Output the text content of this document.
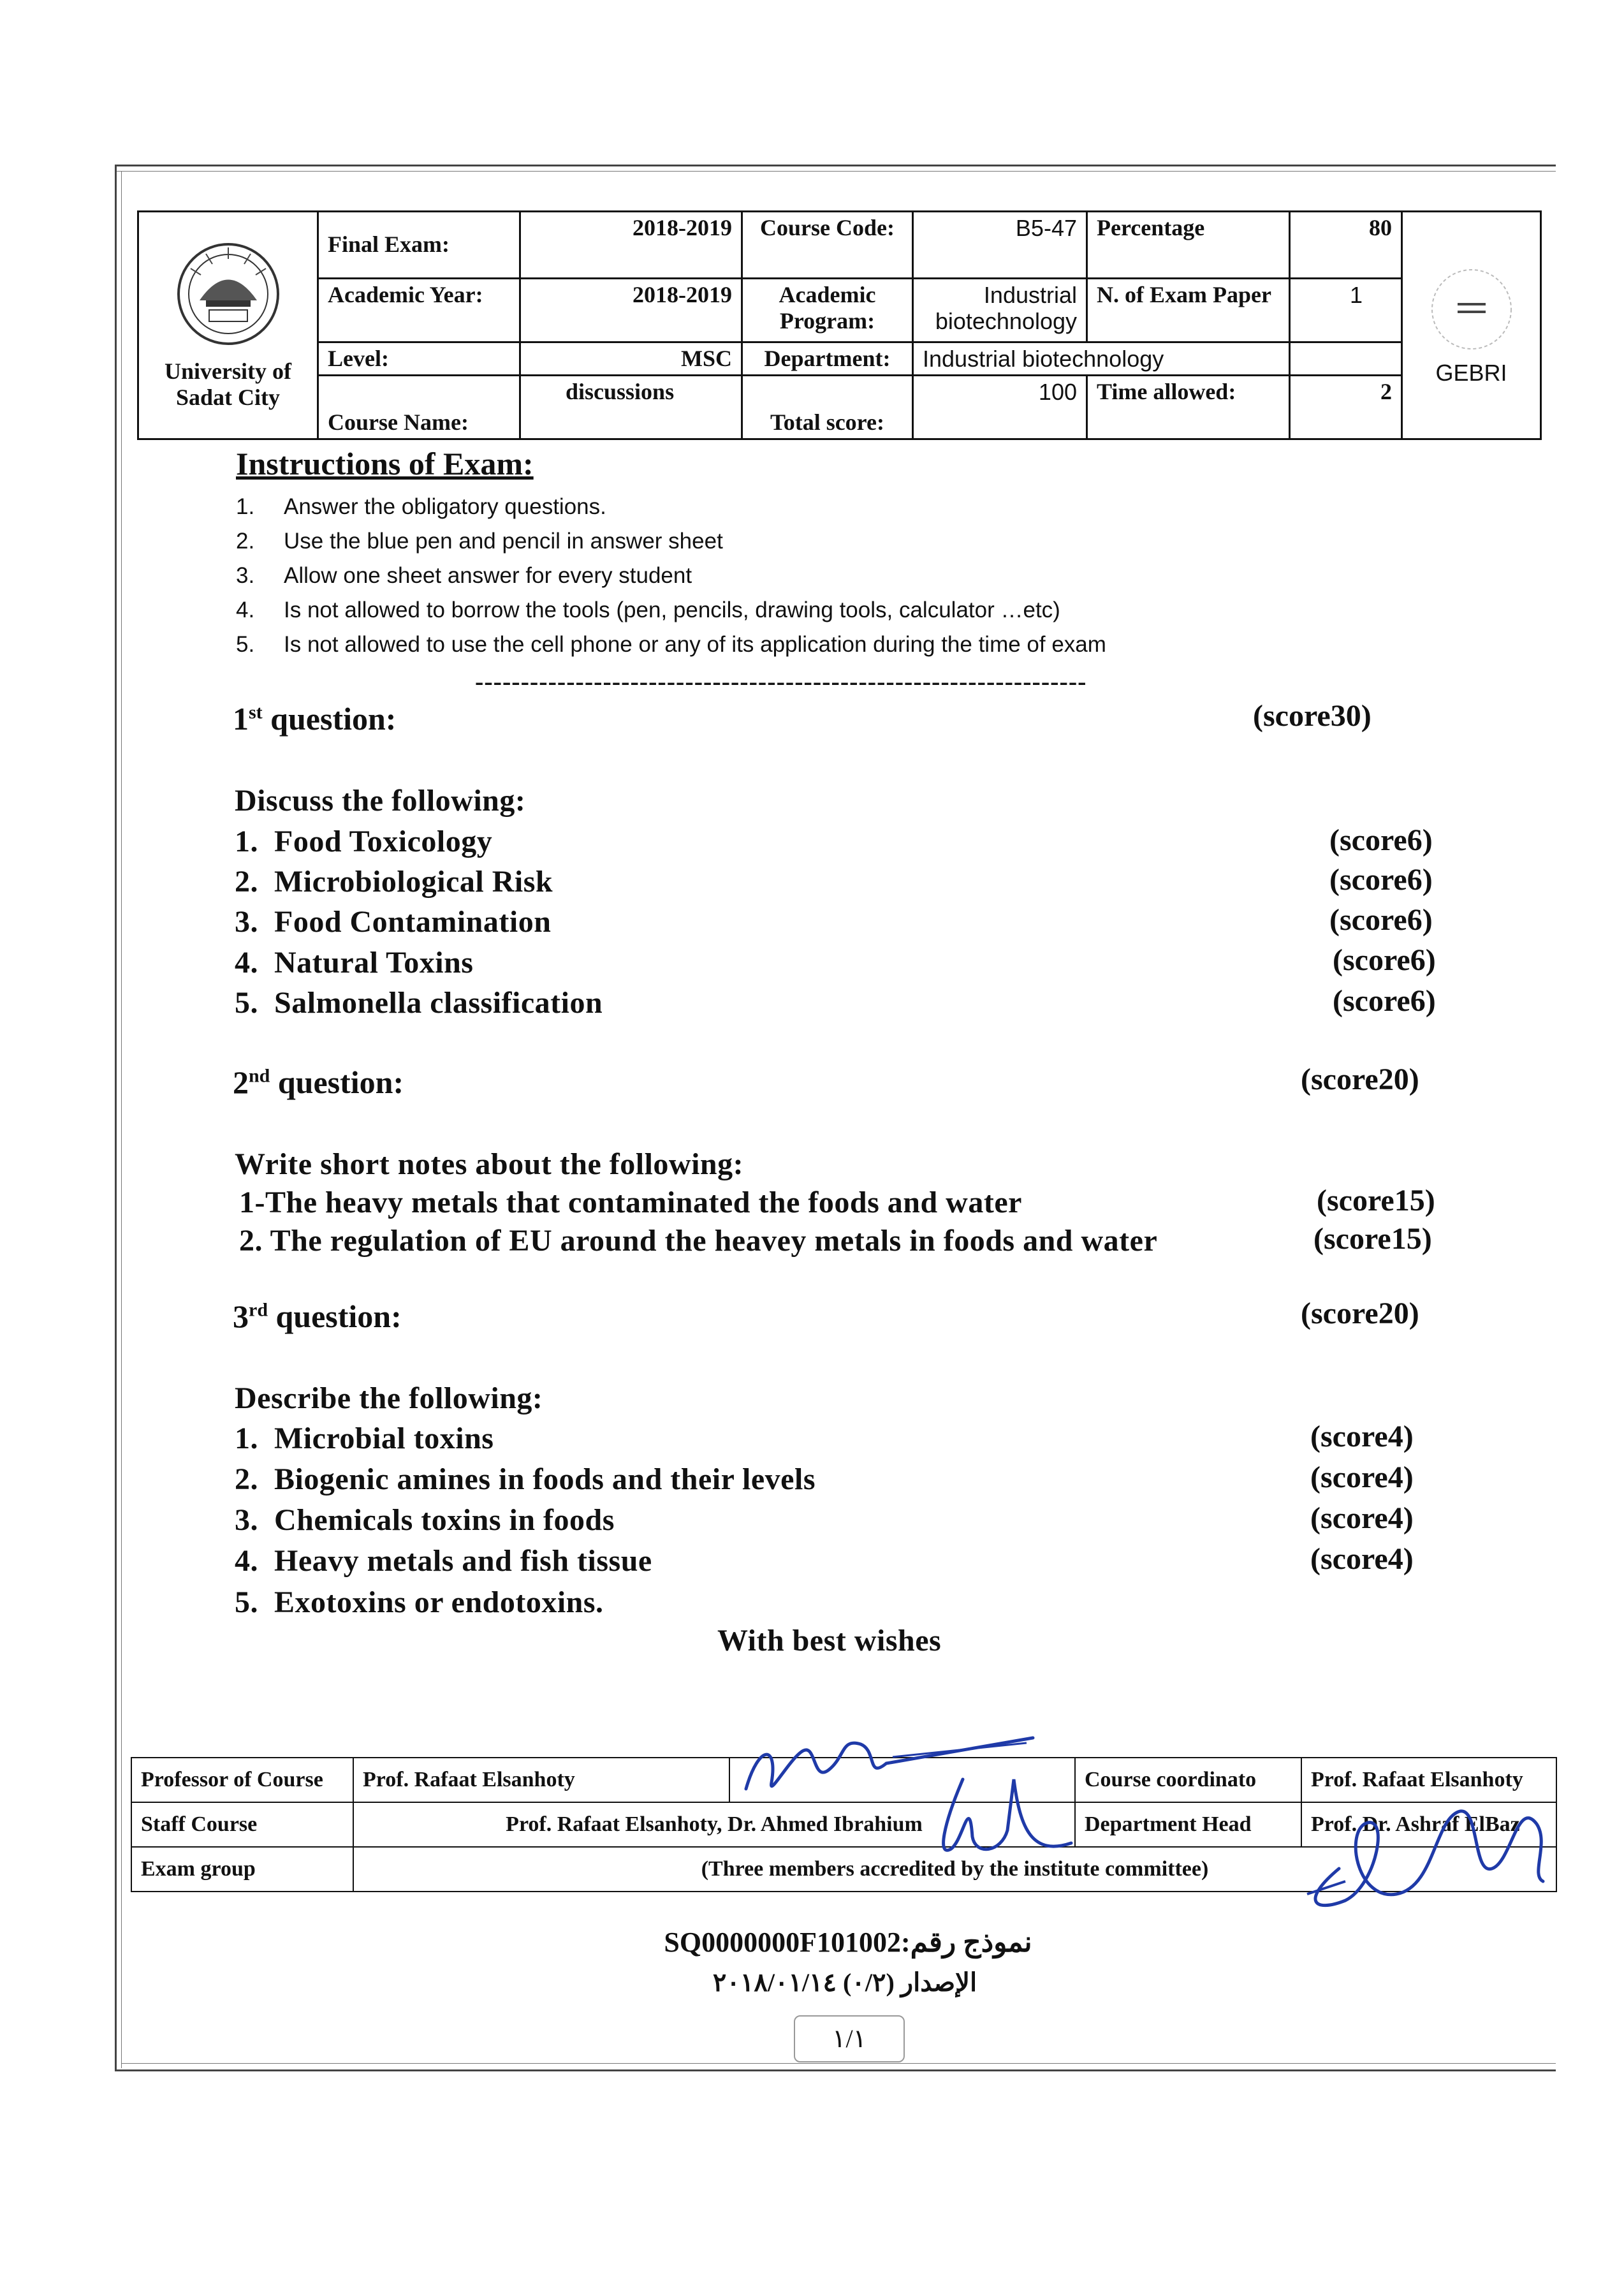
University of Sadat City	Final Exam:	2018-2019	Course Code:	B5-47	Percentage	80	GEBRI

	Academic Year:	2018-2019	Academic Program:	Industrial biotechnology	N. of Exam Paper	1	
	Level:	MSC	Department:	Industrial biotechnology			
	Course Name:	discussions	Total score:	100	Time allowed:	2	
Instructions of Exam:
1. Answer the obligatory questions.
2. Use the blue pen and pencil in answer sheet
3. Allow one sheet answer for every student
4. Is not allowed to borrow the tools (pen, pencils, drawing tools, calculator …etc)
5. Is not allowed to use the cell phone or any of its application during the time of exam
-------------------------------------------------------------------
1st question:	(score30)
Discuss the following:
1.  Food Toxicology	(score6)
2.  Microbiological Risk	(score6)
3.  Food Contamination	(score6)
4.  Natural Toxins	(score6)
5.  Salmonella classification	(score6)
2nd question:	(score20)
Write short notes about the following:
1-The heavy metals that contaminated the foods and water	(score15)
2. The regulation of EU around the heavey metals in foods and water	(score15)
3rd question:	(score20)
Describe the following:
1.  Microbial toxins	(score4)
2.  Biogenic amines in foods and their levels	(score4)
3.  Chemicals toxins in foods	(score4)
4.  Heavy metals and fish tissue	(score4)
5.  Exotoxins or endotoxins.
With best wishes
Professor of Course	Prof. Rafaat Elsanhoty		Course coordinato	Prof. Rafaat Elsanhoty
Staff Course	Prof. Rafaat Elsanhoty, Dr. Ahmed Ibrahium		Department Head	Prof. Dr. Ashraf ElBaz
Exam group	(Three members accredited by the institute committee)			
SQ0000000F101002:نموذج رقم
الإصدار (٠/٢) ٢٠١٨/٠١/١٤
١/١
